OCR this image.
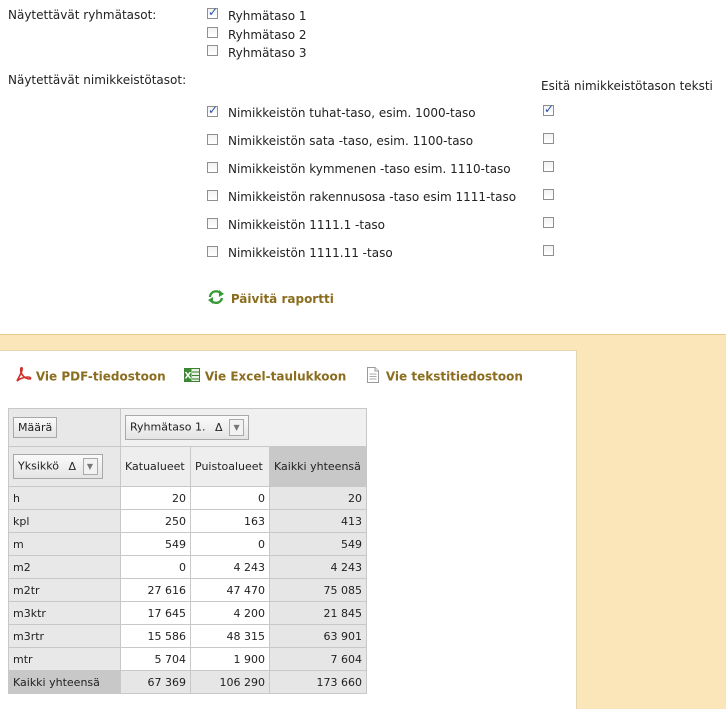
Näytettävät ryhmätasot: ✓	Ryhmätaso 1
Ryhmätaso 2
Ryhmätaso 3
Näytettävät nimikkeistötasot:	Esitä nimikkeistötason teksti
✓
Nimikkeistön tuhat-taso, esim. 1000-taso
✓
Nimikkeistön sata -taso, esim. 1100-taso
Nimikkeistön kymmenen -taso esim. 1110-taso
Nimikkeistön rakennusosa -taso esim 1111-taso
Nimikkeistön 1111.1 -taso
Nimikkeistön 1111.11 -taso
Päivitä raportti
Vie PDF-tiedostoon X Vie Excel-taulukkoon	Vie tekstitiedostoon
Määrä	Ryhmätaso 1. Δ ▼		
Yksikkö Δ ▼	Katualueet	Puistoalueet	Kaikki yhteensä
h	20	0	20
kpl	250	163	413
m	549	0	549
m2	0	4 243	4 243
m2tr	27 616	47 470	75 085
m3ktr	17 645	4 200	21 845
m3rtr	15 586	48 315	63 901
mtr	5 704	1 900	7 604
Kaikki yhteensä	67 369	106 290	173 660
